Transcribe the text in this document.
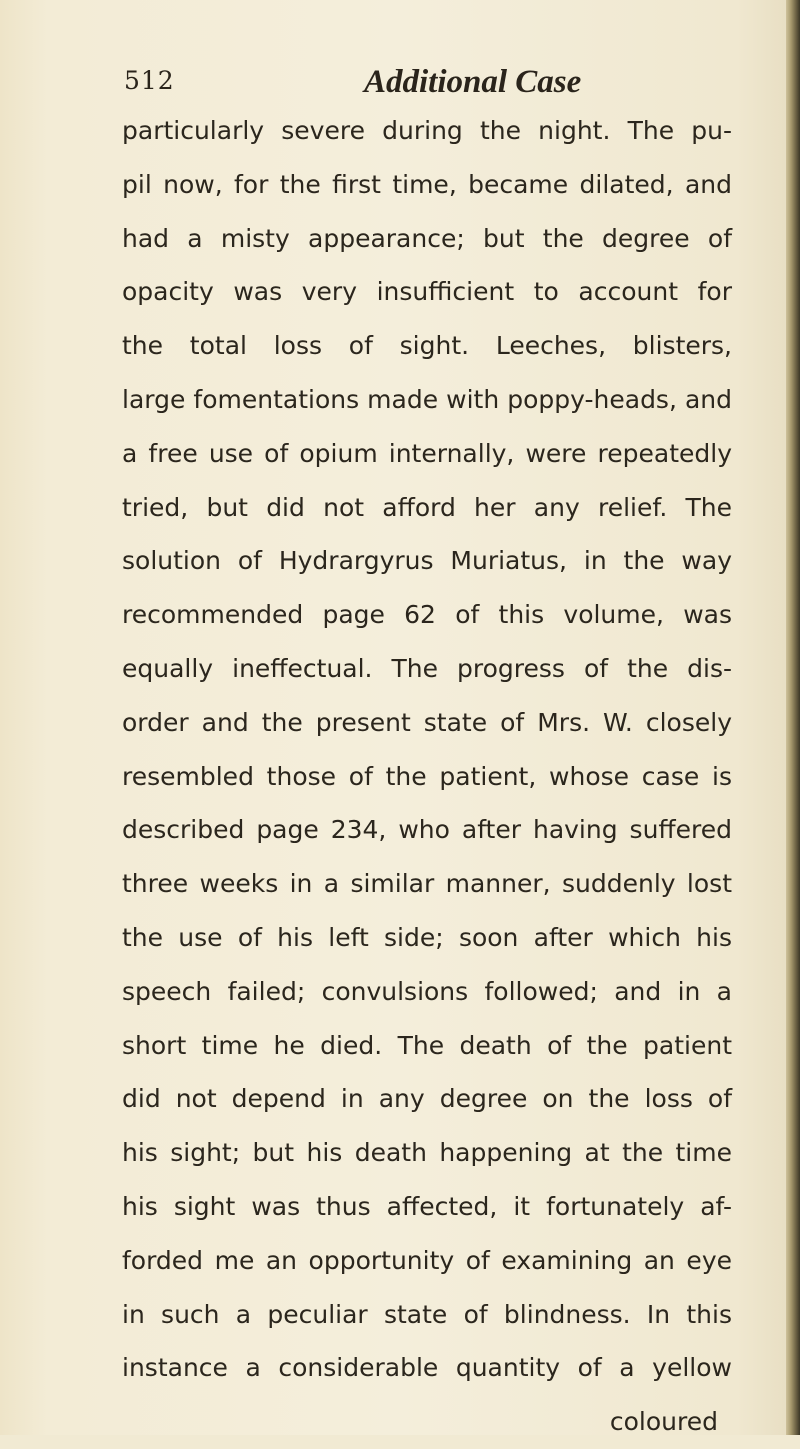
512	Additional Case
particularly severe during the night. The pu-
pil now, for the first time, became dilated, and
had a misty appearance; but the degree of
opacity was very insufficient to account for
the total loss of sight. Leeches, blisters,
large fomentations made with poppy-heads, and
a free use of opium internally, were repeatedly
tried, but did not afford her any relief. The
solution of Hydrargyrus Muriatus, in the way
recommended page 62 of this volume, was
equally ineffectual. The progress of the dis-
order and the present state of Mrs. W. closely
resembled those of the patient, whose case is
described page 234, who after having suffered
three weeks in a similar manner, suddenly lost
the use of his left side; soon after which his
speech failed; convulsions followed; and in a
short time he died. The death of the patient
did not depend in any degree on the loss of
his sight; but his death happening at the time
his sight was thus affected, it fortunately af-
forded me an opportunity of examining an eye
in such a peculiar state of blindness. In this
instance a considerable quantity of a yellow
coloured
